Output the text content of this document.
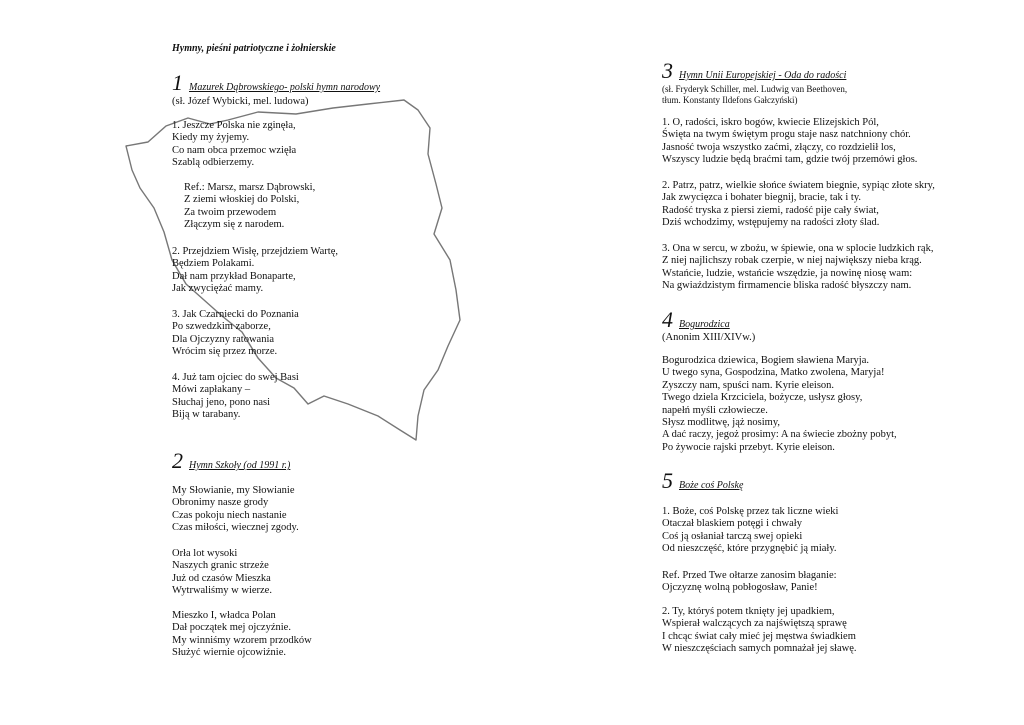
Hymny, pieśni patriotyczne i żołnierskie
1 Mazurek Dąbrowskiego- polski hymn narodowy
(sł. Józef Wybicki, mel. ludowa)
1. Jeszcze Polska nie zginęła,
Kiedy my żyjemy.
Co nam obca przemoc wzięła
Szablą odbierzemy.
Ref.: Marsz, marsz Dąbrowski,
Z ziemi włoskiej do Polski,
Za twoim przewodem
Złączym się z narodem.
2. Przejdziem Wisłę, przejdziem Wartę,
Będziem Polakami.
Dał nam przykład Bonaparte,
Jak zwyciężać mamy.
3. Jak Czarniecki do Poznania
Po szwedzkim zaborze,
Dla Ojczyzny ratowania
Wrócim się przez morze.
4. Już tam ojciec do swej Basi
Mówi zapłakany –
Słuchaj jeno, pono nasi
Biją w tarabany.
2 Hymn Szkoły (od 1991 r.)
My Słowianie, my Słowianie
Obronimy nasze grody
Czas pokoju niech nastanie
Czas miłości, wiecznej zgody.
Orła lot wysoki
Naszych granic strzeże
Już od czasów Mieszka
Wytrwaliśmy w wierze.
Mieszko I, władca Polan
Dał początek mej ojczyźnie.
My winniśmy wzorem przodków
Służyć wiernie ojcowiźnie.
3 Hymn Unii Europejskiej - Oda do radości
(sł. Fryderyk Schiller, mel. Ludwig van Beethoven,
tłum. Konstanty Ildefons Gałczyński)
1. O, radości, iskro bogów, kwiecie Elizejskich Pól,
Święta na twym świętym progu staje nasz natchniony chór.
Jasność twoja wszystko zaćmi, złączy, co rozdzielił los,
Wszyscy ludzie będą braćmi tam, gdzie twój przemówi głos.
2. Patrz, patrz, wielkie słońce światem biegnie, sypiąc złote skry,
Jak zwycięzca i bohater biegnij, bracie, tak i ty.
Radość tryska z piersi ziemi, radość pije cały świat,
Dziś wchodzimy, wstępujemy na radości złoty ślad.
3. Ona w sercu, w zbożu, w śpiewie, ona w splocie ludzkich rąk,
Z niej najlichszy robak czerpie, w niej największy nieba krąg.
Wstańcie, ludzie, wstańcie wszędzie, ja nowinę niosę wam:
Na gwiaździstym firmamencie bliska radość błyszczy nam.
4 Bogurodzica
(Anonim XIII/XIVw.)
Bogurodzica dziewica, Bogiem sławiena Maryja.
U twego syna, Gospodzina, Matko zwolena, Maryja!
Zyszczy nam, spuści nam. Kyrie eleison.
Twego dziela Krzciciela, bożycze, usłysz głosy,
napełń myśli człowiecze.
Słysz modlitwę, jąż nosimy,
A dać raczy, jegoż prosimy: A na świecie zbożny pobyt,
Po żywocie rajski przebyt. Kyrie eleison.
5 Boże coś Polskę
1. Boże, coś Polskę przez tak liczne wieki
Otaczał blaskiem potęgi i chwały
Coś ją osłaniał tarczą swej opieki
Od nieszczęść, które przygnębić ją miały.
Ref. Przed Twe ołtarze zanosim błaganie:
Ojczyznę wolną pobłogosław, Panie!
2. Ty, któryś potem tknięty jej upadkiem,
Wspierał walczących za najświętszą sprawę
I chcąc świat cały mieć jej męstwa świadkiem
W nieszczęściach samych pomnażał jej sławę.
